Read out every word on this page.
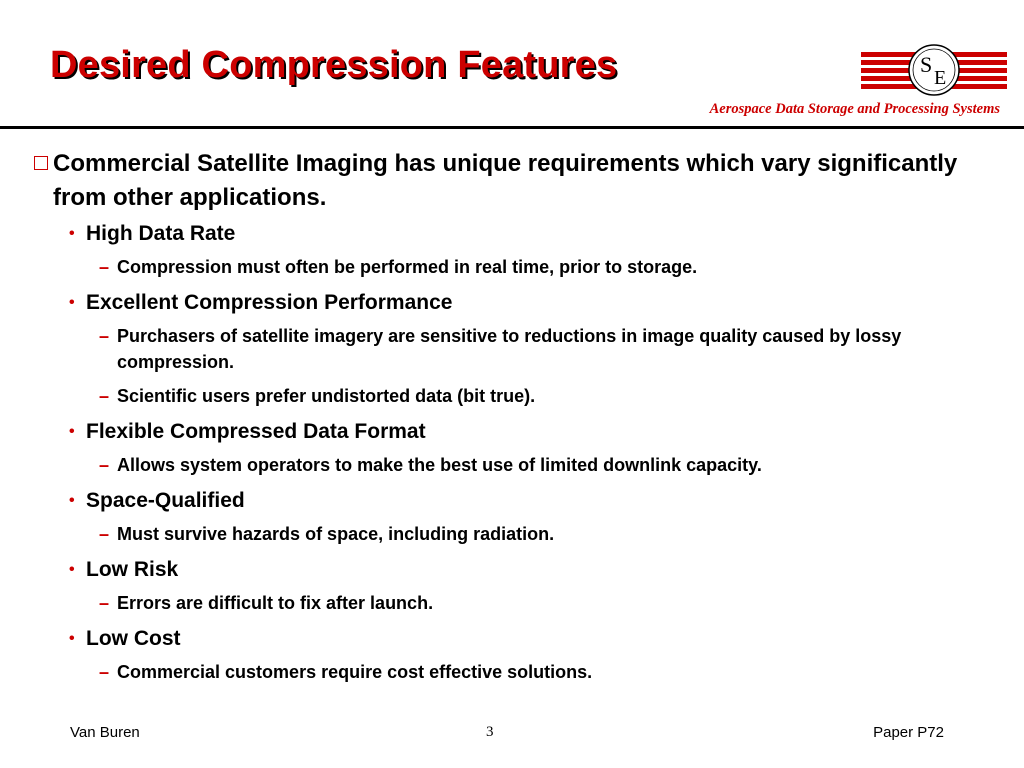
Desired Compression Features	S
E
Aerospace Data Storage and Processing Systems
Commercial Satellite Imaging has unique requirements which vary significantly from other applications.
• High Data Rate
– Compression must often be performed in real time, prior to storage.
• Excellent Compression Performance
– Purchasers of satellite imagery are sensitive to reductions in image quality caused by lossy compression.
– Scientific users prefer undistorted data (bit true).
• Flexible Compressed Data Format
– Allows system operators to make the best use of limited downlink capacity.
• Space-Qualified
– Must survive hazards of space, including radiation.
• Low Risk
– Errors are difficult to fix after launch.
• Low Cost
– Commercial customers require cost effective solutions.
Van Buren	3	Paper P72
